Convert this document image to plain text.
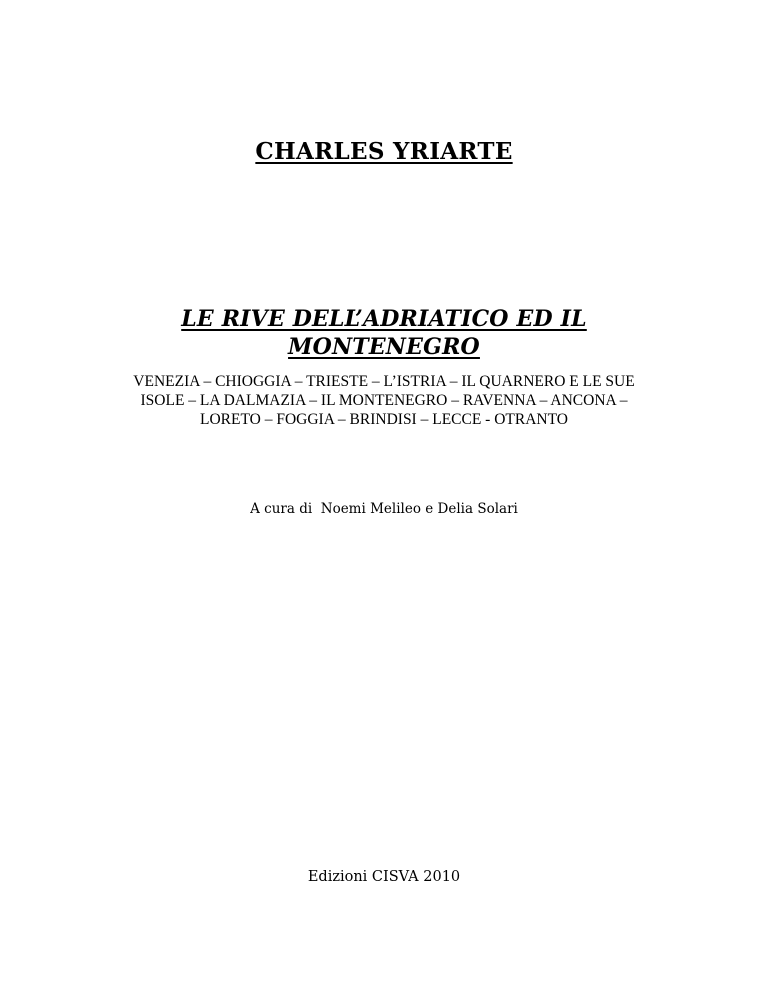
CHARLES YRIARTE
LE RIVE DELL’ADRIATICO ED IL
MONTENEGRO
VENEZIA – CHIOGGIA – TRIESTE – L’ISTRIA – IL QUARNERO E LE SUE
ISOLE – LA DALMAZIA – IL MONTENEGRO – RAVENNA – ANCONA –
LORETO – FOGGIA – BRINDISI – LECCE - OTRANTO
A cura di  Noemi Melileo e Delia Solari
Edizioni CISVA 2010
